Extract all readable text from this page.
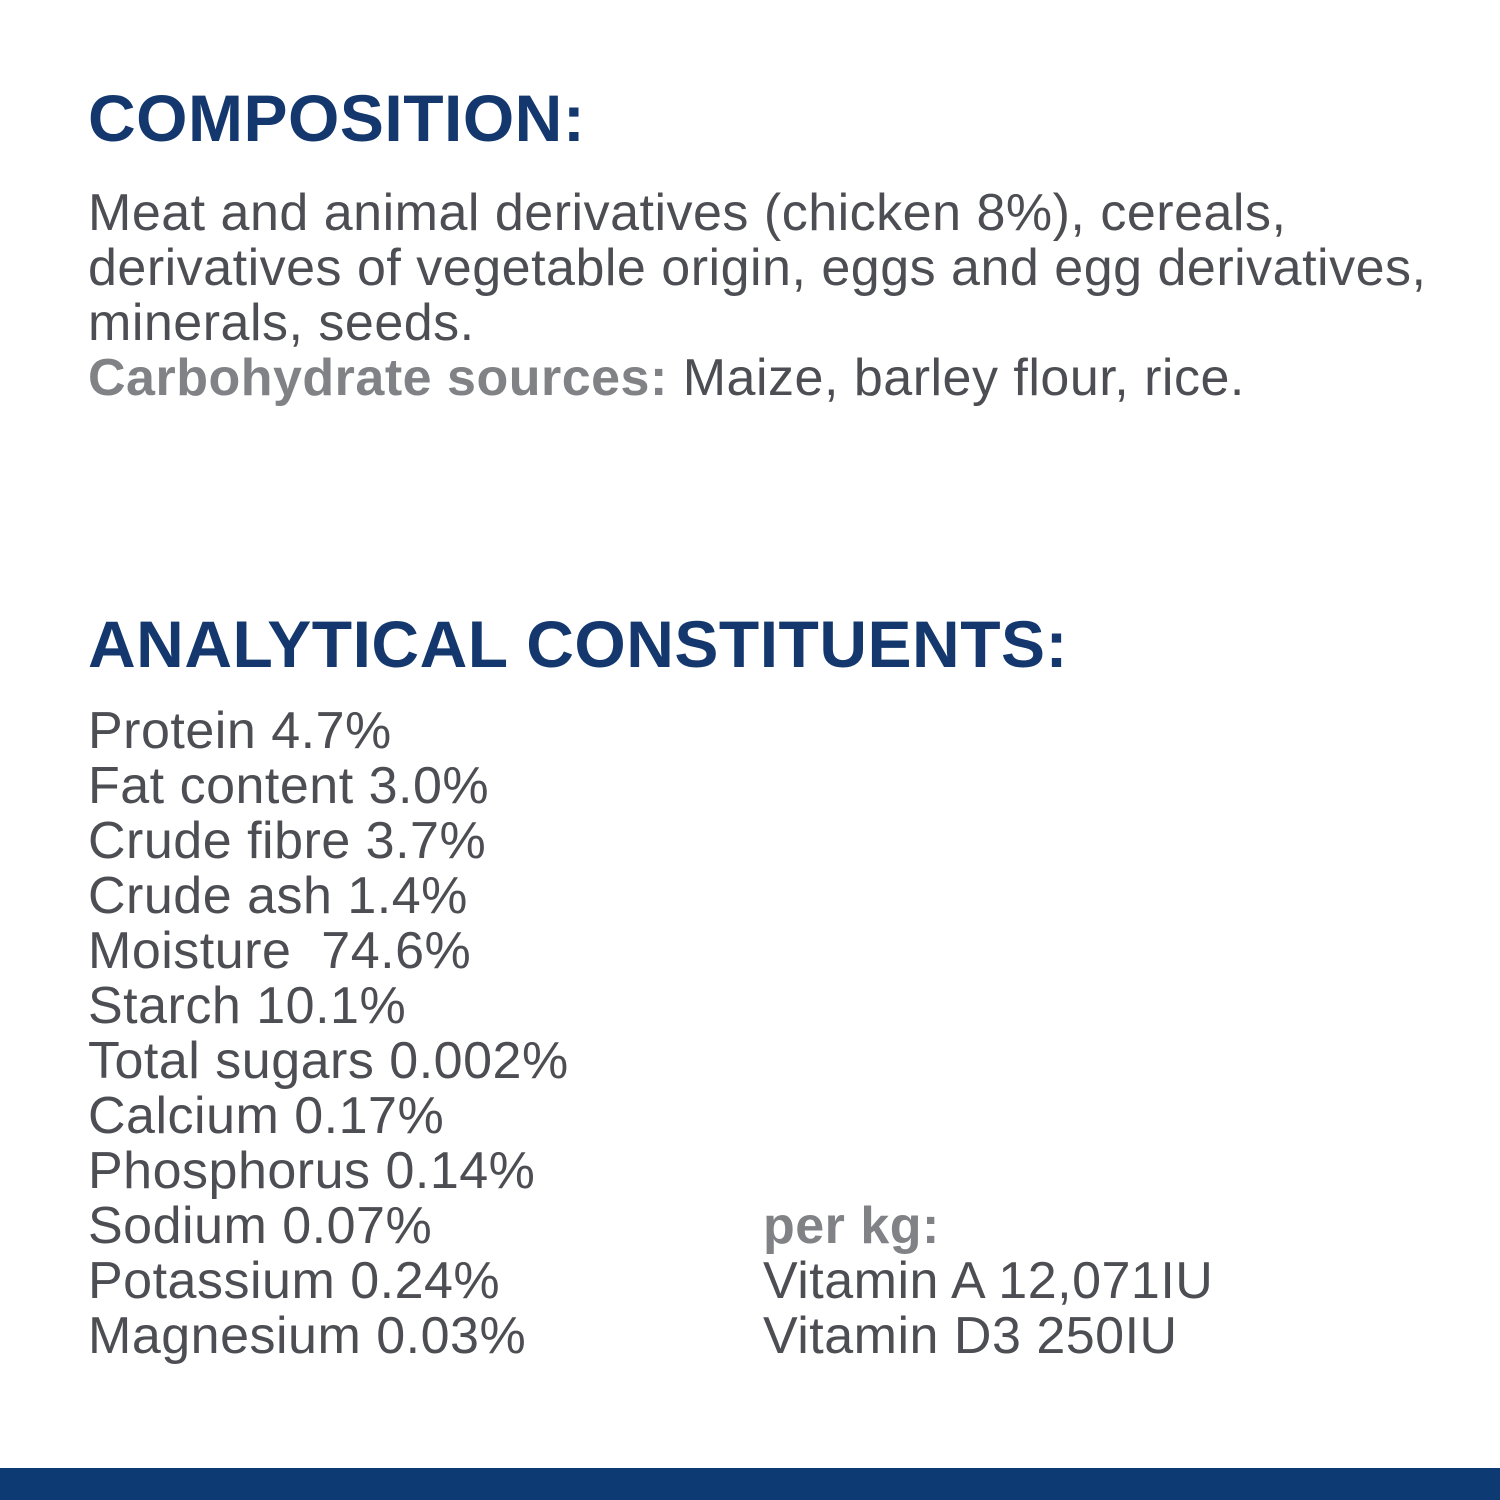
COMPOSITION:

Meat and animal derivatives (chicken 8%), cereals, derivatives of vegetable origin, eggs and egg derivatives, minerals, seeds.
Carbohydrate sources: Maize, barley flour, rice.

ANALYTICAL CONSTITUENTS:
Protein 4.7%
Fat content 3.0%
Crude fibre 3.7%
Crude ash 1.4%
Moisture  74.6%
Starch 10.1%
Total sugars 0.002%
Calcium 0.17%
Phosphorus 0.14%
Sodium 0.07%
Potassium 0.24%
Magnesium 0.03%
per kg:
Vitamin A 12,071IU
Vitamin D3 250IU
